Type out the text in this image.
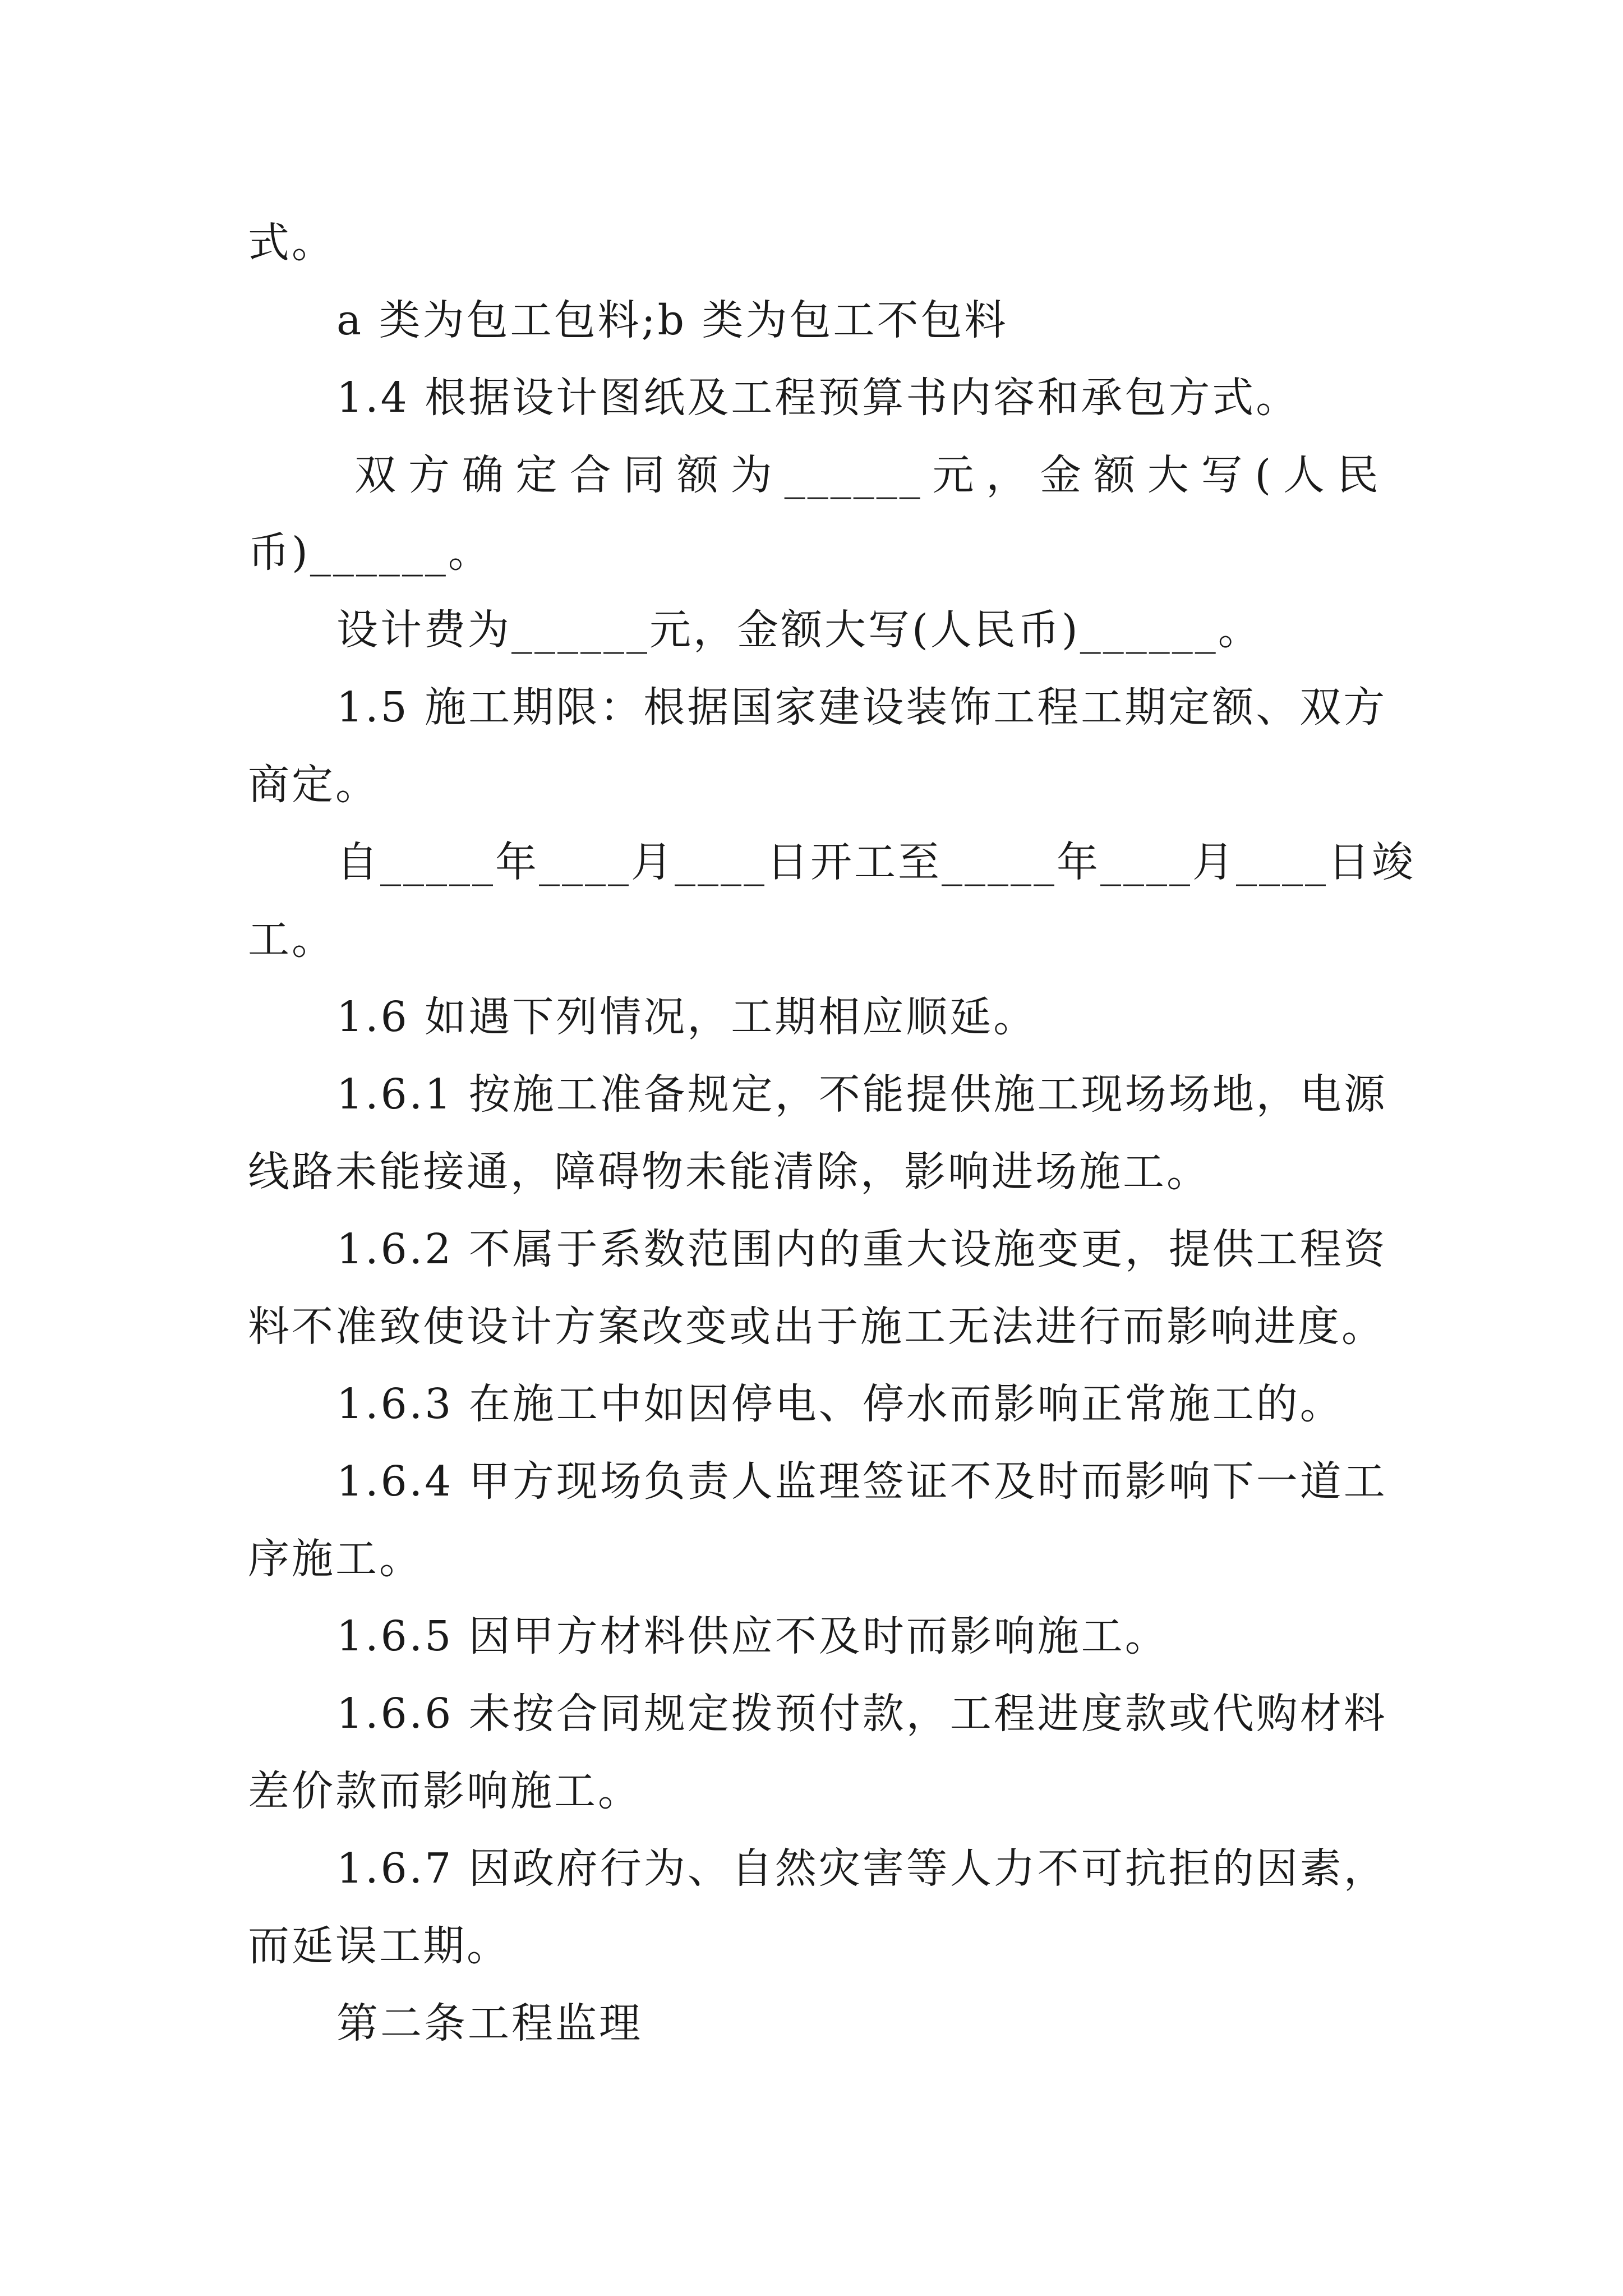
式。
a 类为包工包料;b 类为包工不包料
1.4 根据设计图纸及工程预算书内容和承包方式。
双 方 确 定 合 同 额 为 ______ 元 ， 金 额 大 写 ( 人 民
币)______。
设计费为______元，金额大写(人民币)______。
1.5 施工期限：根据国家建设装饰工程工期定额、双方
商定。
自_____年____月____日开工至_____年____月____日竣
工。
1.6 如遇下列情况，工期相应顺延。
1.6.1 按施工准备规定，不能提供施工现场场地，电源
线路未能接通，障碍物未能清除，影响进场施工。
1.6.2 不属于系数范围内的重大设施变更，提供工程资
料不准致使设计方案改变或出于施工无法进行而影响进度。
1.6.3 在施工中如因停电、停水而影响正常施工的。
1.6.4 甲方现场负责人监理签证不及时而影响下一道工
序施工。
1.6.5 因甲方材料供应不及时而影响施工。
1.6.6 未按合同规定拨预付款，工程进度款或代购材料
差价款而影响施工。
1.6.7 因政府行为、自然灾害等人力不可抗拒的因素，
而延误工期。
第二条工程监理
